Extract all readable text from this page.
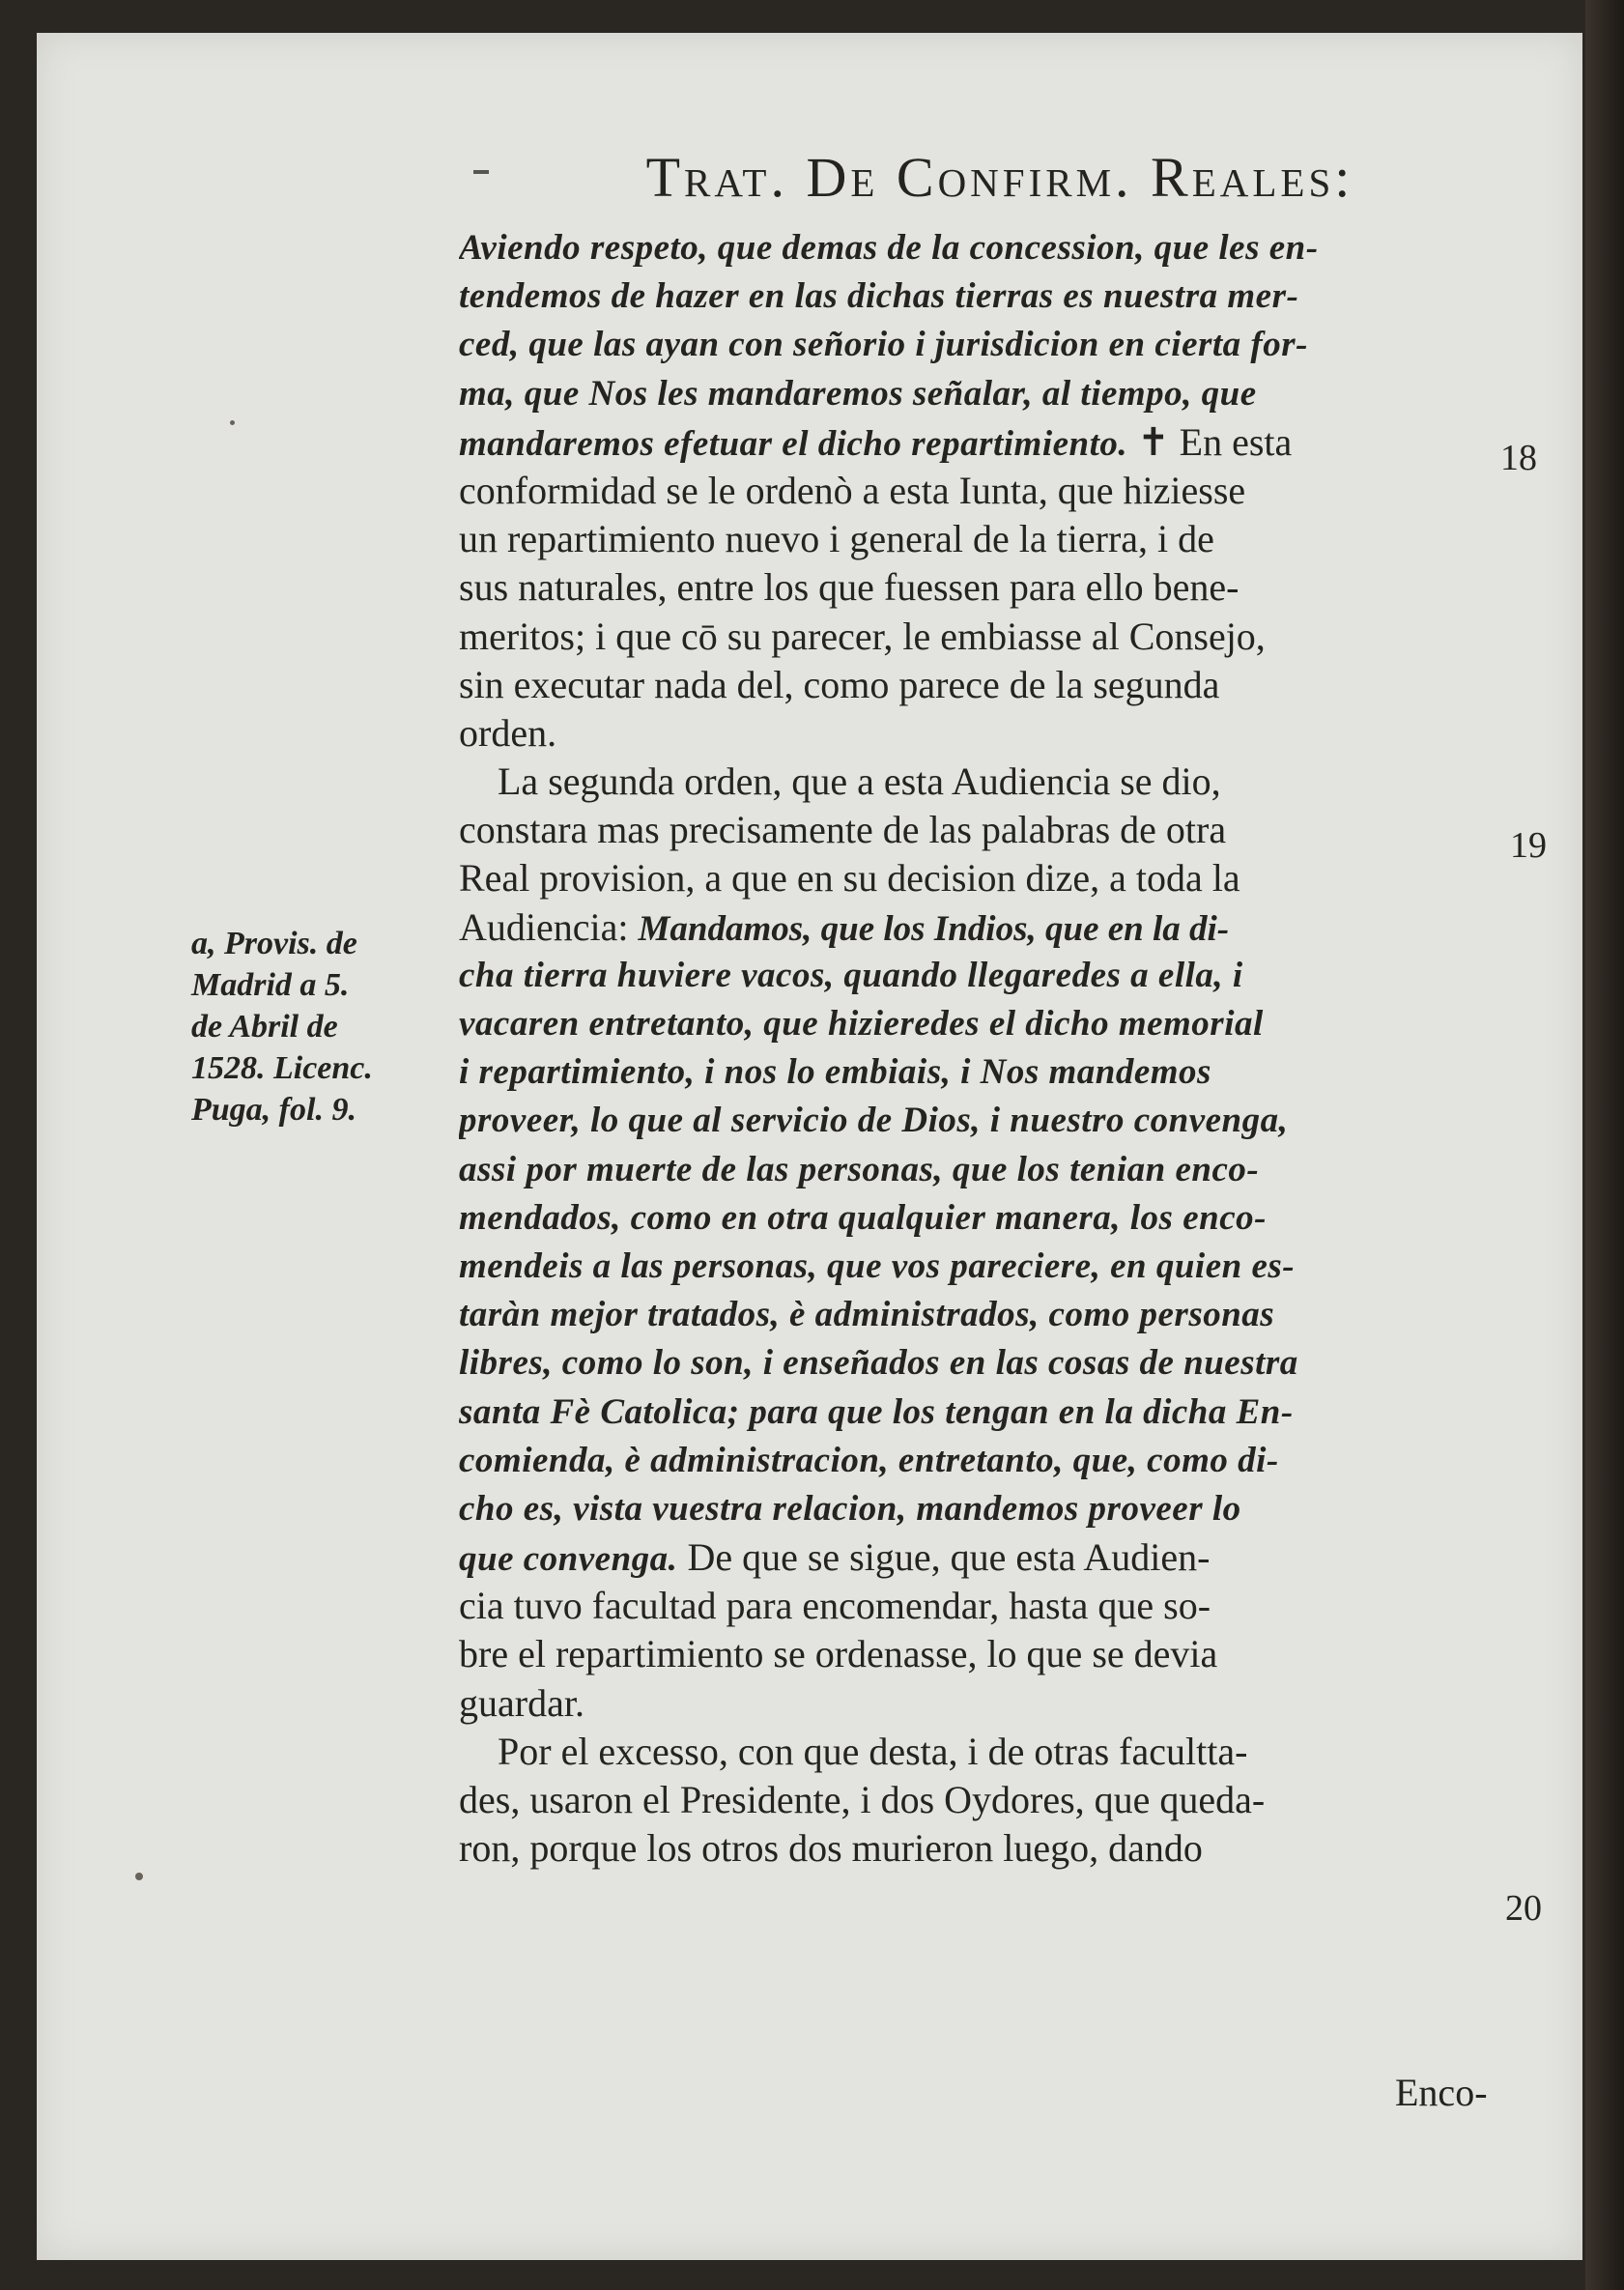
Trat. De Confirm. Reales:
Aviendo respeto, que demas de la concession, que les en-
tendemos de hazer en las dichas tierras es nuestra mer-
ced, que las ayan con señorio i jurisdicion en cierta for-
ma, que Nos les mandaremos señalar, al tiempo, que
mandaremos efetuar el dicho repartimiento. ✝ En esta
conformidad se le ordenò a esta Iunta, que hiziesse
un repartimiento nuevo i general de la tierra, i de
sus naturales, entre los que fuessen para ello bene-
meritos; i que cō su parecer, le embiasse al Consejo,
sin executar nada del, como parece de la segunda
orden.
La segunda orden, que a esta Audiencia se dio,
constara mas precisamente de las palabras de otra
Real provision, a que en su decision dize, a toda la
Audiencia: Mandamos, que los Indios, que en la di-
cha tierra huviere vacos, quando llegaredes a ella, i
vacaren entretanto, que hizieredes el dicho memorial
i repartimiento, i nos lo embiais, i Nos mandemos
proveer, lo que al servicio de Dios, i nuestro convenga,
assi por muerte de las personas, que los tenian enco-
mendados, como en otra qualquier manera, los enco-
mendeis a las personas, que vos pareciere, en quien es-
taràn mejor tratados, è administrados, como personas
libres, como lo son, i enseñados en las cosas de nuestra
santa Fè Catolica; para que los tengan en la dicha En-
comienda, è administracion, entretanto, que, como di-
cho es, vista vuestra relacion, mandemos proveer lo
que convenga. De que se sigue, que esta Audien-
cia tuvo facultad para encomendar, hasta que so-
bre el repartimiento se ordenasse, lo que se devia
guardar.
Por el excesso, con que desta, i de otras facultta-
des, usaron el Presidente, i dos Oydores, que queda-
ron, porque los otros dos murieron luego, dando
a, Provis. de
Madrid a 5.
de Abril de
1528. Licenc.
Puga, fol. 9.
18
19
20
Enco-
